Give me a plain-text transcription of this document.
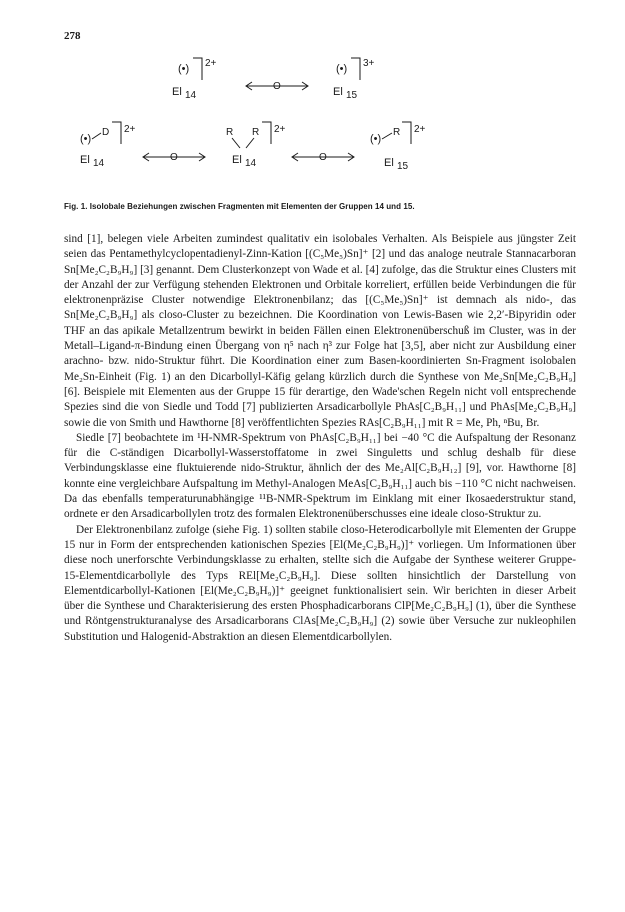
278
(•) 2+
El 14
O
(•) 3+
El 15
(•)
D 2+
El 14
O
R R 2+
El 14
O
(•)
R 2+
El 15
Fig. 1. Isolobale Beziehungen zwischen Fragmenten mit Elementen der Gruppen 14 und 15.

sind [1], belegen viele Arbeiten zumindest qualitativ ein isolobales Verhalten. Als Beispiele aus jüngster Zeit seien das Pentamethylcyclopentadienyl-Zinn-Kation [(C₅Me₅)Sn]⁺ [2] und das analoge neutrale Stannacarboran Sn[Me₂C₂B₉H₉] [3] genannt. Dem Clusterkonzept von Wade et al. [4] zufolge, das die Struktur eines Clusters mit der Anzahl der zur Verfügung stehenden Elektronen und Orbitale korreliert, erfüllen beide Verbindungen die für elektronenpräzise Cluster notwendige Elektronenbilanz; das [(C₅Me₅)Sn]⁺ ist demnach als nido-, das Sn[Me₂C₂B₉H₉] als closo-Cluster zu bezeichnen. Die Koordination von Lewis-Basen wie 2,2′-Bipyridin oder THF an das apikale Metallzentrum bewirkt in beiden Fällen einen Elektronenüberschuß im Cluster, was in der Metall–Ligand-π-Bindung einen Übergang von η⁵ nach η³ zur Folge hat [3,5], aber nicht zur Ausbildung einer arachno- bzw. nido-Struktur führt. Die Koordination einer zum Basen-koordinierten Sn-Fragment isolobalen Me₂Sn-Einheit (Fig. 1) an den Dicarbollyl-Käfig gelang kürzlich durch die Synthese von Me₂Sn[Me₂C₂B₉H₉] [6]. Beispiele mit Elementen aus der Gruppe 15 für derartige, den Wade'schen Regeln nicht voll entsprechende Spezies sind die von Siedle und Todd [7] publizierten Arsadicarbollyle PhAs[C₂B₉H₁₁] und PhAs[Me₂C₂B₉H₉] sowie die von Smith und Hawthorne [8] veröffentlichten Spezies RAs[C₂B₉H₁₁] mit R = Me, Ph, ⁿBu, Br.

Siedle [7] beobachtete im ¹H-NMR-Spektrum von PhAs[C₂B₉H₁₁] bei −40 °C die Aufspaltung der Resonanz für die C-ständigen Dicarbollyl-Wasserstoffatome in zwei Singuletts und schlug deshalb für diese Verbindungsklasse eine fluktuierende nido-Struktur, ähnlich der des Me₂Al[C₂B₉H₁₂] [9], vor. Hawthorne [8] konnte eine vergleichbare Aufspaltung im Methyl-Analogen MeAs[C₂B₉H₁₁] auch bis −110 °C nicht nachweisen. Da das ebenfalls temperaturunabhängige ¹¹B-NMR-Spektrum im Einklang mit einer Ikosaederstruktur stand, ordnete er den Arsadicarbollylen trotz des formalen Elektronenüberschusses eine ideale closo-Struktur zu.

Der Elektronenbilanz zufolge (siehe Fig. 1) sollten stabile closo-Heterodicarbollyle mit Elementen der Gruppe 15 nur in Form der entsprechenden kationischen Spezies [El(Me₂C₂B₉H₉)]⁺ vorliegen. Um Informationen über diese noch unerforschte Verbindungsklasse zu erhalten, stellte sich die Aufgabe der Synthese weiterer Gruppe-15-Elementdicarbollyle des Typs REl[Me₂C₂B₉H₉]. Diese sollten hinsichtlich der Darstellung von Elementdicarbollyl-Kationen [El(Me₂C₂B₉H₉)]⁺ geeignet funktionalisiert sein. Wir berichten in dieser Arbeit über die Synthese und Charakterisierung des ersten Phosphadicarborans ClP[Me₂C₂B₉H₉] (1), über die Synthese und Röntgenstrukturanalyse des Arsadicarborans ClAs[Me₂C₂B₉H₉] (2) sowie über Versuche zur nukleophilen Substitution und Halogenid-Abstraktion an diesen Elementdicarbollylen.
